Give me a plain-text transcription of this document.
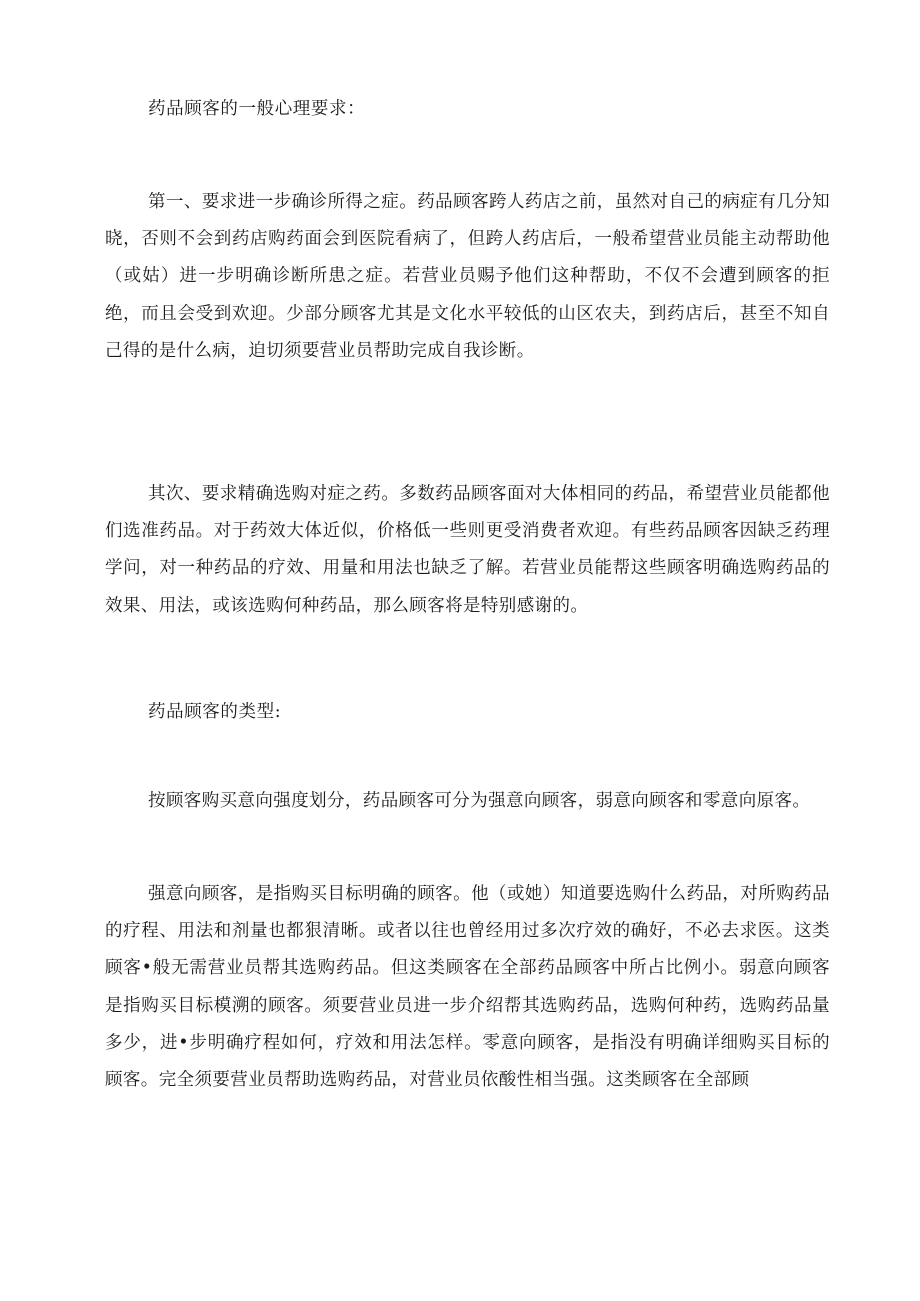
药品顾客的一般心理要求：

第一、要求进一步确诊所得之症。药品顾客跨人药店之前，虽然对自己的病症有几分知晓，否则不会到药店购药面会到医院看病了，但跨人药店后，一般希望营业员能主动帮助他（或姑）进一步明确诊断所患之症。若营业员赐予他们这种帮助，不仅不会遭到顾客的拒绝，而且会受到欢迎。少部分顾客尤其是文化水平较低的山区农夫，到药店后，甚至不知自己得的是什么病，迫切须要营业员帮助完成自我诊断。

其次、要求精确选购对症之药。多数药品顾客面对大体相同的药品，希望营业员能都他们选准药品。对于药效大体近似，价格低一些则更受消费者欢迎。有些药品顾客因缺乏药理学问，对一种药品的疗效、用量和用法也缺乏了解。若营业员能帮这些顾客明确选购药品的效果、用法，或该选购何种药品，那么顾客将是特别感谢的。

药品顾客的类型:

按顾客购买意向强度划分，药品顾客可分为强意向顾客，弱意向顾客和零意向原客。

强意向顾客，是指购买目标明确的顾客。他（或她）知道要选购什么药品，对所购药品的疗程、用法和剂量也都狠清晰。或者以往也曾经用过多次疗效的确好，不必去求医。这类顾客•般无需营业员帮其选购药品。但这类顾客在全部药品顾客中所占比例小。弱意向顾客是指购买目标模溯的顾客。须要营业员进一步介绍帮其选购药品，选购何种药，选购药品量多少，进•步明确疗程如何，疗效和用法怎样。零意向顾客，是指没有明确详细购买目标的顾客。完全须要营业员帮助选购药品，对营业员依酸性相当强。这类顾客在全部顾
